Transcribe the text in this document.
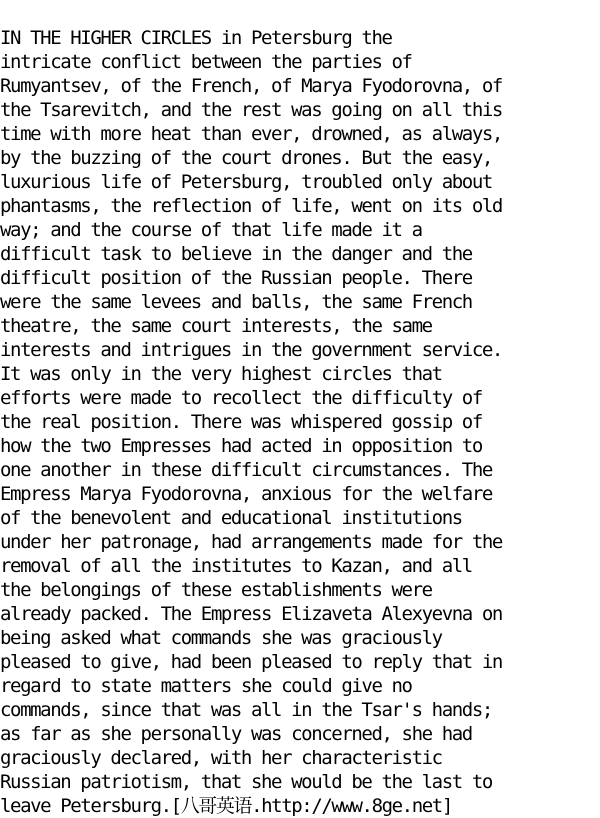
IN THE HIGHER CIRCLES in Petersburg the
intricate conflict between the parties of
Rumyantsev, of the French, of Marya Fyodorovna, of
the Tsarevitch, and the rest was going on all this
time with more heat than ever, drowned, as always,
by the buzzing of the court drones. But the easy,
luxurious life of Petersburg, troubled only about
phantasms, the reflection of life, went on its old
way; and the course of that life made it a
difficult task to believe in the danger and the
difficult position of the Russian people. There
were the same levees and balls, the same French
theatre, the same court interests, the same
interests and intrigues in the government service.
It was only in the very highest circles that
efforts were made to recollect the difficulty of
the real position. There was whispered gossip of
how the two Empresses had acted in opposition to
one another in these difficult circumstances. The
Empress Marya Fyodorovna, anxious for the welfare
of the benevolent and educational institutions
under her patronage, had arrangements made for the
removal of all the institutes to Kazan, and all
the belongings of these establishments were
already packed. The Empress Elizaveta Alexyevna on
being asked what commands she was graciously
pleased to give, had been pleased to reply that in
regard to state matters she could give no
commands, since that was all in the Tsar's hands;
as far as she personally was concerned, she had
graciously declared, with her characteristic
Russian patriotism, that she would be the last to
leave Petersburg.[八哥英语.http://www.8ge.net]
